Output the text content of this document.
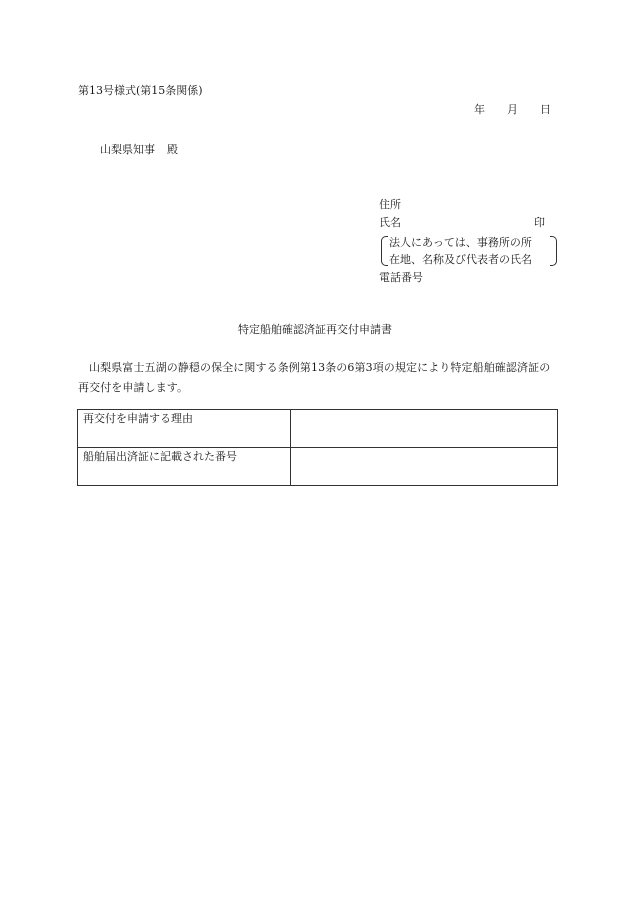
第13号様式(第15条関係)
年 月 日
山梨県知事 殿
住所
氏名	印
法人にあっては、事務所の所
在地、名称及び代表者の氏名
電話番号
特定船舶確認済証再交付申請書
山梨県富士五湖の静穏の保全に関する条例第13条の6第3項の規定により特定船舶確認済証の再交付を申請します。
再交付を申請する理由	
船舶届出済証に記載された番号	
